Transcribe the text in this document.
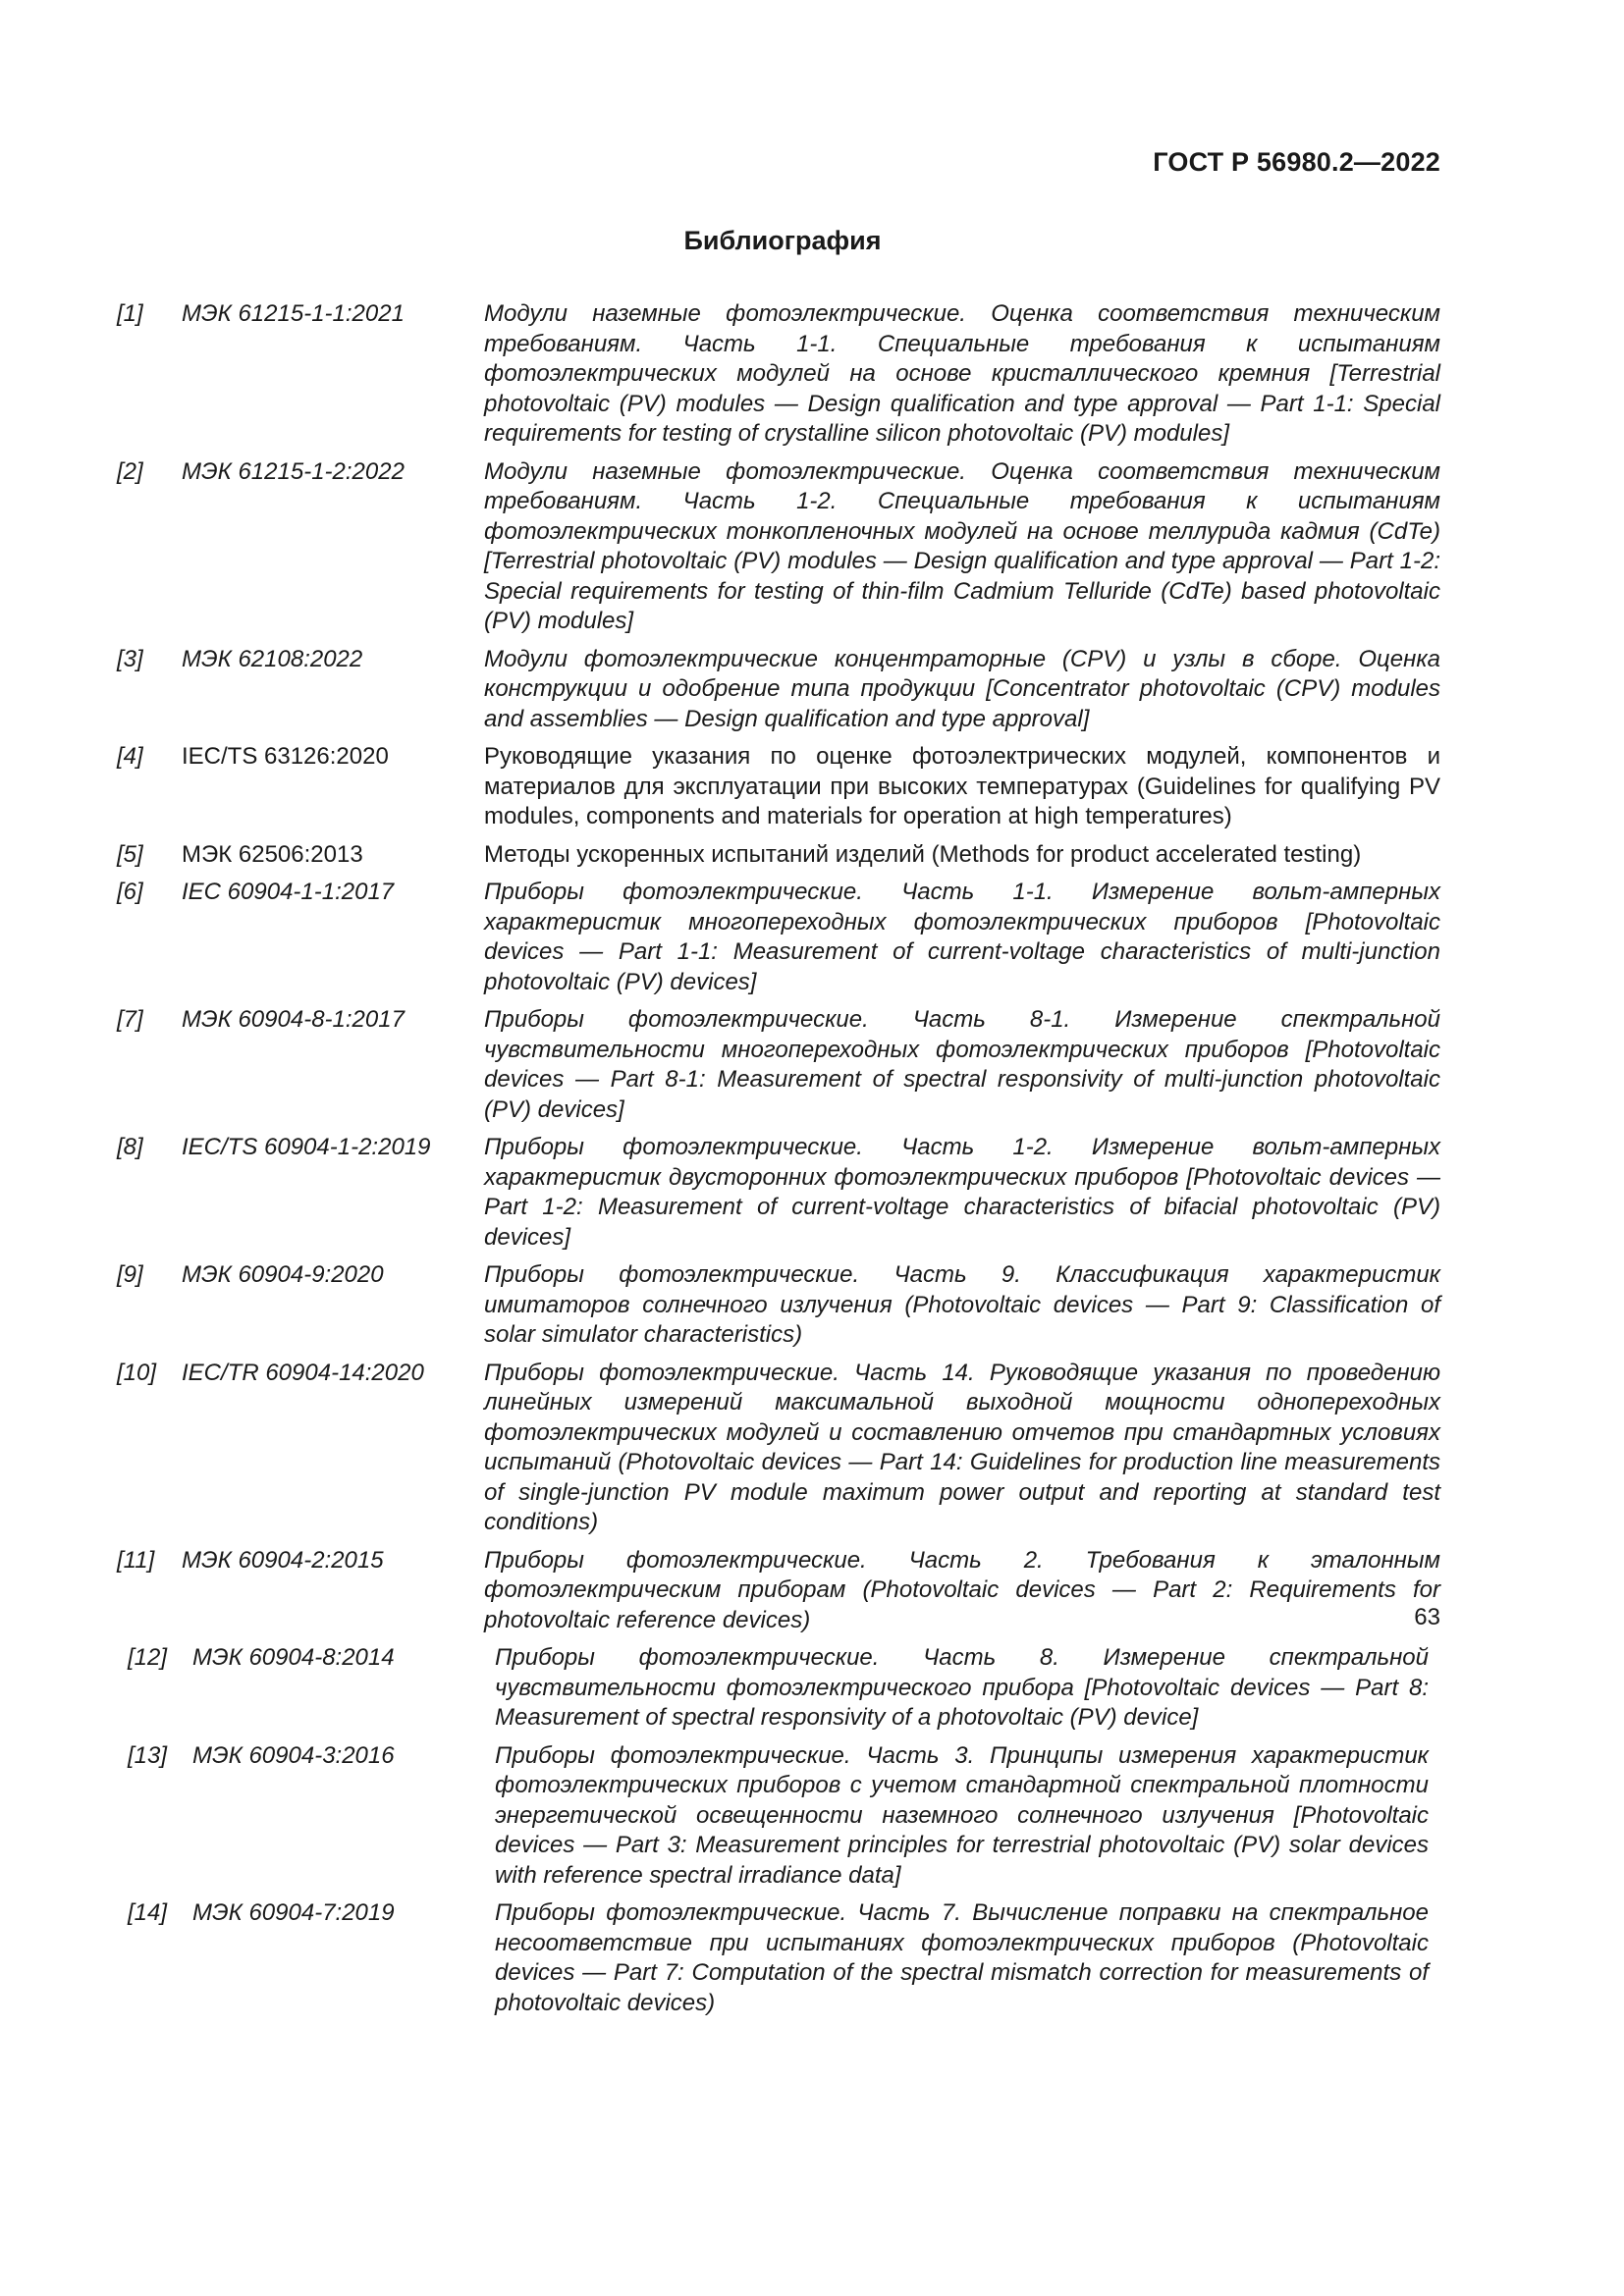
ГОСТ Р 56980.2—2022
Библиография
[1]	МЭК 61215-1-1:2021	Модули наземные фотоэлектрические. Оценка соответствия техническим требованиям. Часть 1-1. Специальные требования к испытаниям фотоэлектрических модулей на основе кристаллического кремния [Terrestrial photovoltaic (PV) modules — Design qualification and type approval — Part 1-1: Special requirements for testing of crystalline silicon photovoltaic (PV) modules]
[2]	МЭК 61215-1-2:2022	Модули наземные фотоэлектрические. Оценка соответствия техническим требованиям. Часть 1-2. Специальные требования к испытаниям фотоэлектрических тонкопленочных модулей на основе теллурида кадмия (CdTe) [Terrestrial photovoltaic (PV) modules — Design qualification and type approval — Part 1-2: Special requirements for testing of thin-film Cadmium Telluride (CdTe) based photovoltaic (PV) modules]
[3]	МЭК 62108:2022	Модули фотоэлектрические концентраторные (CPV) и узлы в сборе. Оценка конструкции и одобрение типа продукции [Concentrator photovoltaic (CPV) modules and assemblies — Design qualification and type approval]
[4]	IEC/TS 63126:2020	Руководящие указания по оценке фотоэлектрических модулей, компонентов и материалов для эксплуатации при высоких температурах (Guidelines for qualifying PV modules, components and materials for operation at high temperatures)
[5]	МЭК 62506:2013	Методы ускоренных испытаний изделий (Methods for product accelerated testing)
[6]	IEC 60904-1-1:2017	Приборы фотоэлектрические. Часть 1-1. Измерение вольт-амперных характеристик многопереходных фотоэлектрических приборов [Photovoltaic devices — Part 1-1: Measurement of current-voltage characteristics of multi-junction photovoltaic (PV) devices]
[7]	МЭК 60904-8-1:2017	Приборы фотоэлектрические. Часть 8-1. Измерение спектральной чувствительности многопереходных фотоэлектрических приборов [Photovoltaic devices — Part 8-1: Measurement of spectral responsivity of multi-junction photovoltaic (PV) devices]
[8]	IEC/TS 60904-1-2:2019	Приборы фотоэлектрические. Часть 1-2. Измерение вольт-амперных характеристик двусторонних фотоэлектрических приборов [Photovoltaic devices — Part 1-2: Measurement of current-voltage characteristics of bifacial photovoltaic (PV) devices]
[9]	МЭК 60904-9:2020	Приборы фотоэлектрические. Часть 9. Классификация характеристик имитаторов солнечного излучения (Photovoltaic devices — Part 9: Classification of solar simulator characteristics)
[10]	IEC/TR 60904-14:2020	Приборы фотоэлектрические. Часть 14. Руководящие указания по проведению линейных измерений максимальной выходной мощности однопереходных фотоэлектрических модулей и составлению отчетов при стандартных условиях испытаний (Photovoltaic devices — Part 14: Guidelines for production line measurements of single-junction PV module maximum power output and reporting at standard test conditions)
[11]	МЭК 60904-2:2015	Приборы фотоэлектрические. Часть 2. Требования к эталонным фотоэлектрическим приборам (Photovoltaic devices — Part 2: Requirements for photovoltaic reference devices)
[12]	МЭК 60904-8:2014	Приборы фотоэлектрические. Часть 8. Измерение спектральной чувствительности фотоэлектрического прибора [Photovoltaic devices — Part 8: Measurement of spectral responsivity of a photovoltaic (PV) device]
[13]	МЭК 60904-3:2016	Приборы фотоэлектрические. Часть 3. Принципы измерения характеристик фотоэлектрических приборов с учетом стандартной спектральной плотности энергетической освещенности наземного солнечного излучения [Photovoltaic devices — Part 3: Measurement principles for terrestrial photovoltaic (PV) solar devices with reference spectral irradiance data]
[14]	МЭК 60904-7:2019	Приборы фотоэлектрические. Часть 7. Вычисление поправки на спектральное несоответствие при испытаниях фотоэлектрических приборов (Photovoltaic devices — Part 7: Computation of the spectral mismatch correction for measurements of photovoltaic devices)
63
